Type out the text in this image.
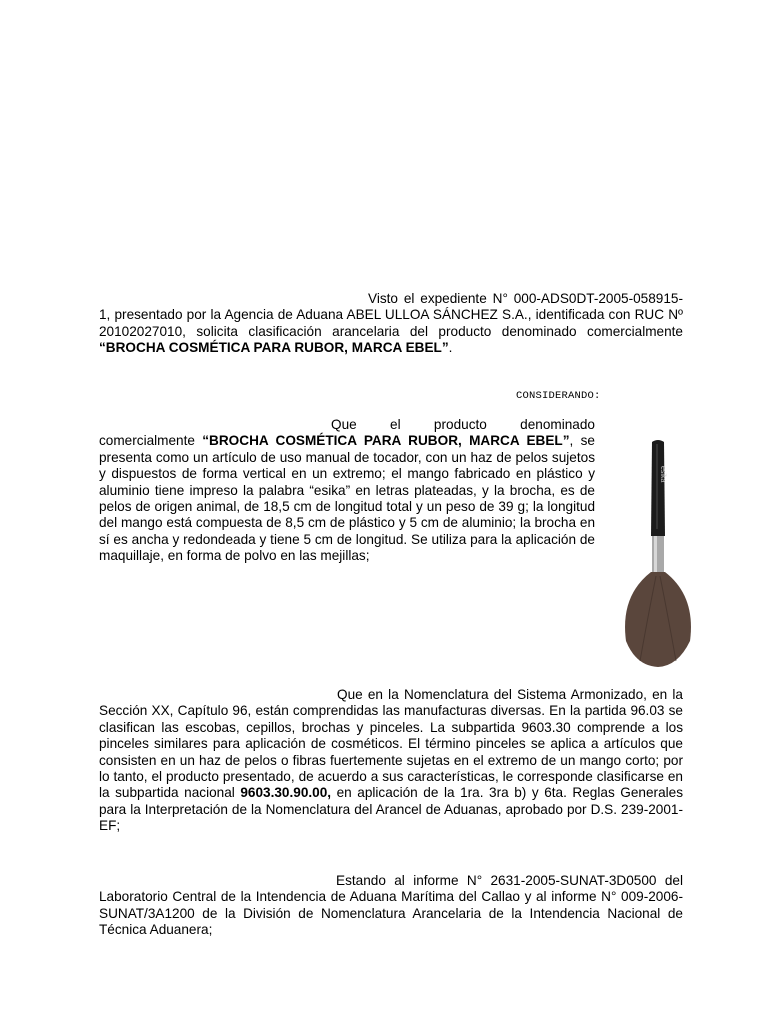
Visto el expediente N° 000-ADS0DT-2005-058915-1, presentado por la Agencia de Aduana ABEL ULLOA SÁNCHEZ S.A., identificada con RUC Nº 20102027010, solicita clasificación arancelaria del producto denominado comercialmente “BROCHA COSMÉTICA PARA RUBOR, MARCA EBEL”.

CONSIDERANDO:

Que el producto denominado comercialmente “BROCHA COSMÉTICA PARA RUBOR, MARCA EBEL”, se presenta como un artículo de uso manual de tocador, con un haz de pelos sujetos y dispuestos de forma vertical en un extremo; el mango fabricado en plástico y aluminio tiene impreso la palabra “esika” en letras plateadas, y la brocha, es de pelos de origen animal, de 18,5 cm de longitud total y un peso de 39 g; la longitud del mango está compuesta de 8,5 cm de plástico y 5 cm de aluminio; la brocha en sí es ancha y redondeada y tiene 5 cm de longitud. Se utiliza para la aplicación de maquillaje, en forma de polvo en las mejillas;

esika

Que en la Nomenclatura del Sistema Armonizado, en la Sección XX, Capítulo 96, están comprendidas las manufacturas diversas. En la partida 96.03 se clasifican las escobas, cepillos, brochas y pinceles. La subpartida 9603.30 comprende a los pinceles similares para aplicación de cosméticos. El término pinceles se aplica a artículos que consisten en un haz de pelos o fibras fuertemente sujetas en el extremo de un mango corto; por lo tanto, el producto presentado, de acuerdo a sus características, le corresponde clasificarse en la subpartida nacional 9603.30.90.00, en aplicación de la 1ra. 3ra b) y 6ta. Reglas Generales para la Interpretación de la Nomenclatura del Arancel de Aduanas, aprobado por D.S. 239-2001-EF;

Estando al informe N° 2631-2005-SUNAT-3D0500 del Laboratorio Central de la Intendencia de Aduana Marítima del Callao y al informe N° 009-2006-SUNAT/3A1200 de la División de Nomenclatura Arancelaria de la Intendencia Nacional de Técnica Aduanera;
